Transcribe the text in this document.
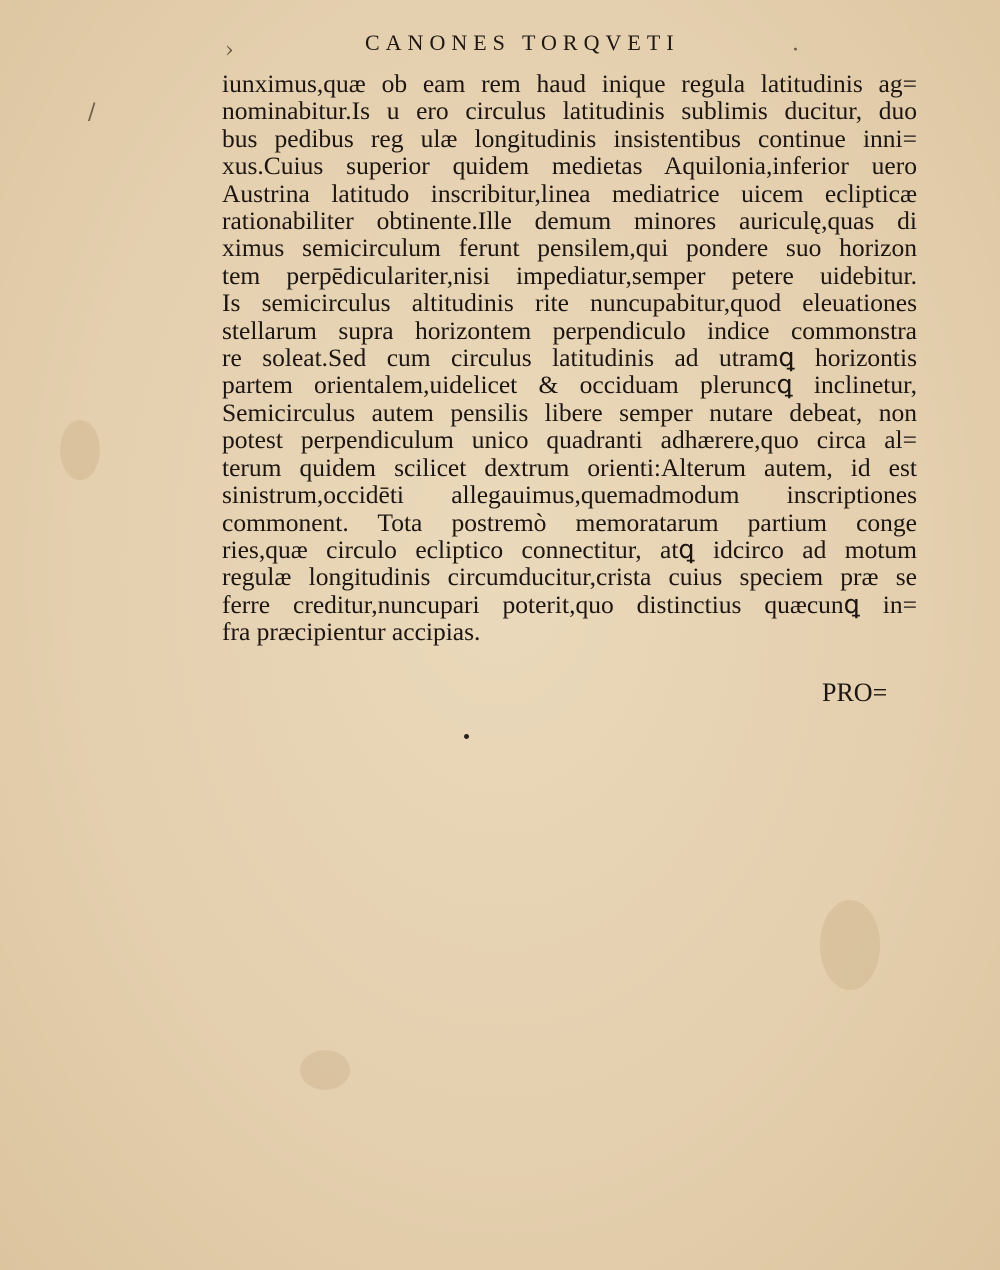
/
›	·
CANONES TORQVETI
iunximus,quæ ob eam rem haud inique regula latitudinis ag=
nominabitur.Is u ero circulus latitudinis sublimis ducitur, duo
bus pedibus reg ulæ longitudinis insistentibus continue inni=
xus.Cuius superior quidem medietas Aquilonia,inferior uero
Austrina latitudo inscribitur,linea mediatrice uicem eclipticæ
rationabiliter obtinente.Ille demum minores auriculę,quas di
ximus semicirculum ferunt pensilem,qui pondere suo horizon
tem perpēdiculariter,nisi impediatur,semper petere uidebitur.
Is semicirculus altitudinis rite nuncupabitur,quod eleuationes
stellarum supra horizontem perpendiculo indice commonstra
re soleat.Sed cum circulus latitudinis ad utramꝗ horizontis
partem orientalem,uidelicet & occiduam pleruncꝗ inclinetur,
Semicirculus autem pensilis libere semper nutare debeat, non
potest perpendiculum unico quadranti adhærere,quo circa al=
terum quidem scilicet dextrum orienti:Alterum autem, id est
sinistrum,occidēti allegauimus,quemadmodum inscriptiones
commonent. Tota postremò memoratarum partium conge
ries,quæ circulo ecliptico connectitur, atꝗ idcirco ad motum
regulæ longitudinis circumducitur,crista cuius speciem præ se
ferre creditur,nuncupari poterit,quo distinctius quæcunꝗ in=
fra præcipientur accipias.
PRO=
